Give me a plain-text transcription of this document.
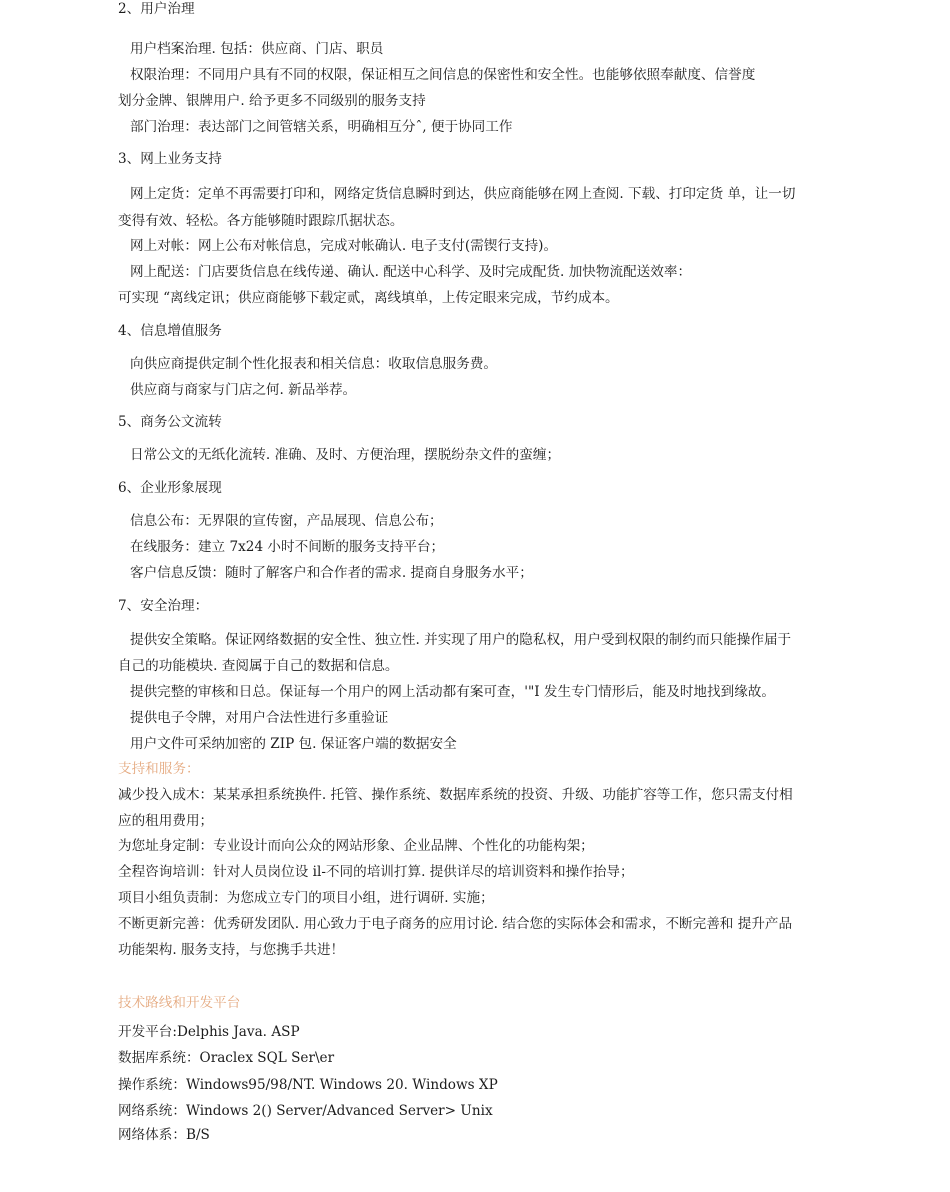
2、用户治理
用户档案治理. 包括：供应商、门店、职员
权限治理：不同用户具有不同的权限，保证相互之间信息的保密性和安全性。也能够依照奉献度、信誉度
划分金牌、银牌用户. 给予更多不同级别的服务支持
部门治理：表达部门之间管辖关系，明确相互分ˆ, 便于协同工作
3、网上业务支持
网上定货：定单不再需要打印和，网络定货信息瞬时到达，供应商能够在网上查阅. 下载、打印定货 单，让一切
变得有效、轻松。各方能够随时跟踪爪据状态。
网上对帐：网上公布对帐信息，完成对帐确认. 电子支付(需锲行支持)。
网上配送：门店要货信息在线传递、确认. 配送中心科学、及时完成配货. 加快物流配送效率：
可实现 “离线定讯；供应商能够下载定贰，离线填单，上传定眼来完成，节约成本。
4、信息增值服务
向供应商提供定制个性化报表和相关信息：收取信息服务费。
供应商与商家与门店之何. 新品举荐。
5、商务公文流转
日常公文的无纸化流转. 准确、及时、方便治理，摆脱纷杂文件的蛮缠；
6、企业形象展现
信息公布：无界限的宣传窗，产品展现、信息公布；
在线服务：建立 7x24 小时不间断的服务支持平台；
客户信息反馈：随时了解客户和合作者的需求. 提商自身服务水平；
7、安全治理：
提供安全策略。保证网络数据的安全性、独立性. 并实现了用户的隐私权，用户受到权限的制约而只能操作届于
自己的功能模块. 查阅属于自己的数据和信息。
提供完整的审核和日总。保证每一个用户的网上活动都有案可查，'"I 发生专门情形后，能及时地找到缘故。
提供电子令牌，对用户合法性进行多重验证
用户文件可采纳加密的 ZIP 包. 保证客户端的数据安全
支持和服务：
减少投入成木：某某承担系统换件. 托管、操作系统、数据库系统的投资、升级、功能扩容等工作，您只需支付相
应的租用费用；
为您址身定制：专业设计而向公众的网站形象、企业品牌、个性化的功能构架；
全程咨询培训：针对人员岗位设 il-不同的培训打算. 提供详尽的培训资料和操作抬导；
项目小组负责制：为您成立专门的项目小组，进行调研. 实施；
不断更新完善：优秀研发团队. 用心致力于电子商务的应用讨论. 结合您的实际体会和需求，不断完善和 提升产品
功能架构. 服务支持，与您携手共进！
技术路线和开发平台
开发平台:Delphis Java. ASP
数据库系统：Oraclex SQL Ser\er
操作系统：Windows95/98/NT. Windows 20. Windows XP
网络系统：Windows 2() Server/Advanced Server> Unix
网络体系：B/S
